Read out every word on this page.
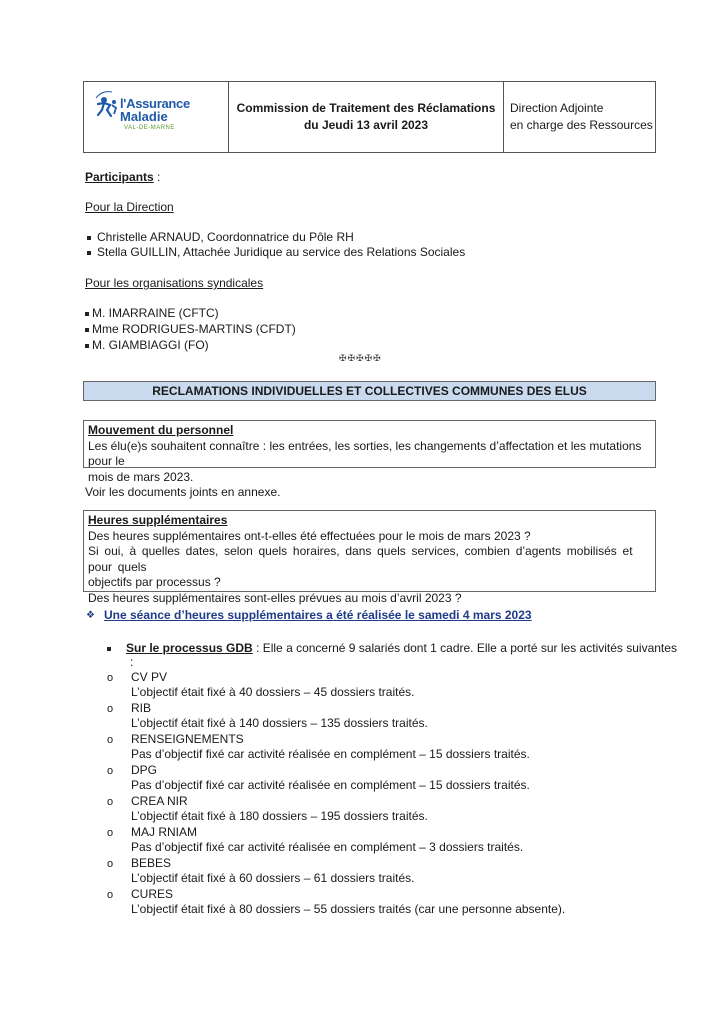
l'Assurance
Maladie
VAL-DE-MARNE
Commission de Traitement des Réclamations
du Jeudi 13 avril 2023
Direction Adjointe
en charge des Ressources
Participants :
Pour la Direction
Christelle ARNAUD, Coordonnatrice du Pôle RH
Stella GUILLIN, Attachée Juridique au service des Relations Sociales
Pour les organisations syndicales
M. IMARRAINE (CFTC)
Mme RODRIGUES-MARTINS (CFDT)
M. GIAMBIAGGI (FO)
✠✠✠✠✠
RECLAMATIONS INDIVIDUELLES ET COLLECTIVES COMMUNES DES ELUS
Mouvement du personnel
Les élu(e)s souhaitent connaître : les entrées, les sorties, les changements d’affectation et les mutations pour le
mois de mars 2023.
Voir les documents joints en annexe.
Heures supplémentaires
Des heures supplémentaires ont-t-elles été effectuées pour le mois de mars 2023 ?
Si oui, à quelles dates, selon quels horaires, dans quels services, combien d’agents mobilisés et pour quels
objectifs par processus ?
Des heures supplémentaires sont-elles prévues au mois d’avril 2023 ?
❖ Une séance d’heures supplémentaires a été réalisée le samedi 4 mars 2023
Sur le processus GDB : Elle a concerné 9 salariés dont 1 cadre. Elle a porté sur les activités suivantes
:
o CV PV
L’objectif était fixé à 40 dossiers – 45 dossiers traités.
o RIB
L’objectif était fixé à 140 dossiers – 135 dossiers traités.
o RENSEIGNEMENTS
Pas d’objectif fixé car activité réalisée en complément – 15 dossiers traités.
o DPG
Pas d’objectif fixé car activité réalisée en complément – 15 dossiers traités.
o CREA NIR
L’objectif était fixé à 180 dossiers – 195 dossiers traités.
o MAJ RNIAM
Pas d’objectif fixé car activité réalisée en complément – 3 dossiers traités.
o BEBES
L’objectif était fixé à 60 dossiers – 61 dossiers traités.
o CURES
L’objectif était fixé à 80 dossiers – 55 dossiers traités (car une personne absente).
